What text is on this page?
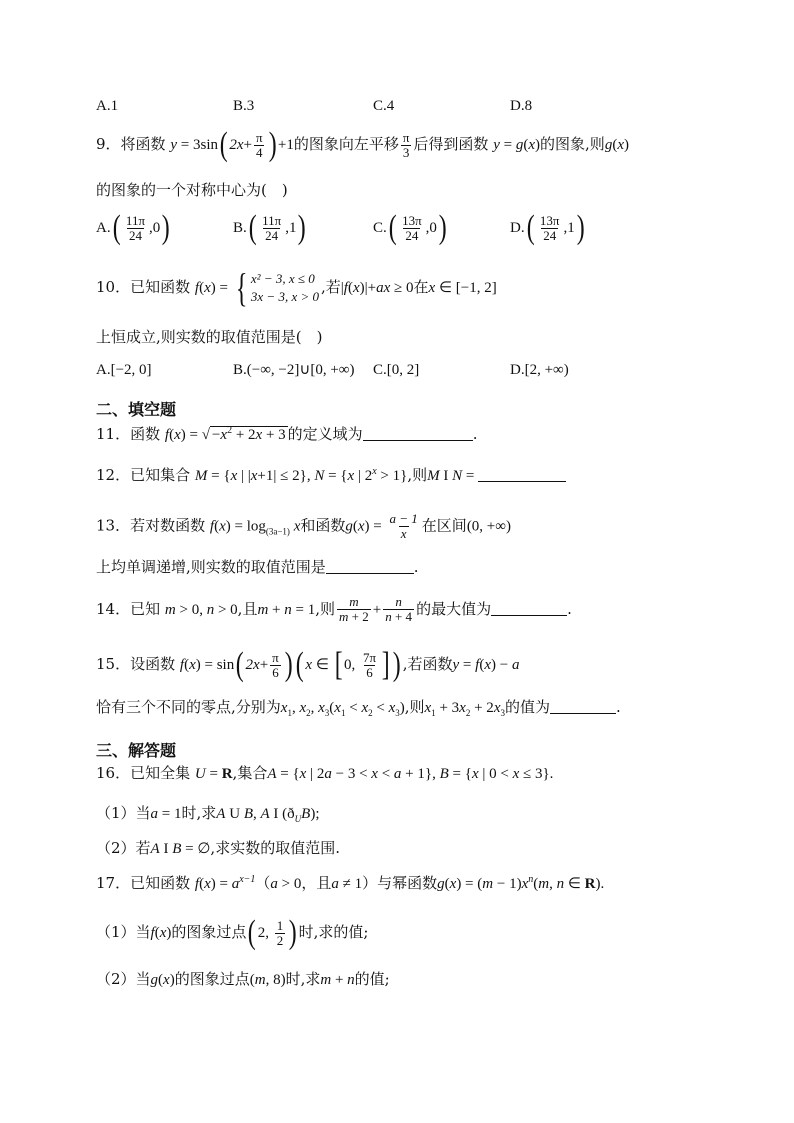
A.1	B.3	C.4	D.8
9．将函数 y = 3sin( $2x+ \frac{\pi}{4}$ ) +1的图象向左平移 $\frac{\pi}{3}$ 后得到函数 y = g(x)的图象,则g(x)
的图象的一个对称中心为(　)
$A.( \frac{11\pi}{24} ,0)$	$B.( \frac{11\pi}{24} ,1)$	$C.( \frac{13\pi}{24} ,0)$	$D.( \frac{13\pi}{24} ,1)$
10．已知函数 f(x) = { x² − 3, x ≤ 0
3x − 3, x > 0
,若|f(x)|+ax ≥ 0在x ∈ [−1, 2]
上恒成立,则实数的取值范围是(　)
A.[−2, 0]	B.(−∞, −2]∪[0, +∞) C.[0, 2]	D.[2, +∞)
二、填空题
11．函数 f(x) = √ $-x^2 + 2x + 3$ 的定义域为	.
12．已知集合 M = {x | |x+1| ≤ 2}, N = {x | $2^x > 1$},则M I N =
13．若对数函数 $f(x) = \log_{(3a-1)} x$和函数$g(x) = \frac{a - 1}{x}$ 在区间(0, +∞)
上均单调递增,则实数的取值范围是	.
14．已知 m > 0, n > 0,且m + n = 1,则 $\frac{m}{m + 2} + \frac{n}{n + 4}$ 的最大值为	.
15．设函数 f(x) = sin( $2x+ \frac{\pi}{6}$ )( x ∈ [ 0, $\frac{7\pi}{6}$ ]) ,若函数y = f(x) − a
恰有三个不同的零点,分别为$x_1$, $x_2$, $x_3(x_1 < x_2 < x_3)$,则$x_1 + 3x_2 + 2x_3$的值为	.
三、解答题
16．已知全集 U = R,集合A = {x | 2a − 3 < x < a + 1}, B = {x | 0 < x ≤ 3}.
（1）当a = 1时,求A U B, A I $(ð_UB)$;
（2）若A I B = ∅,求实数的取值范围.
17．已知函数 $f(x) = a^{x-1}(a > 0$，且a ≠ 1）与幂函数$g(x) = (m - 1)x^n(m$, n ∈ R).
（1）当f(x)的图象过点( 2, $\frac{1}{2}$ ) 时,求的值;
（2）当g(x)的图象过点(m, 8)时,求m + n的值;
